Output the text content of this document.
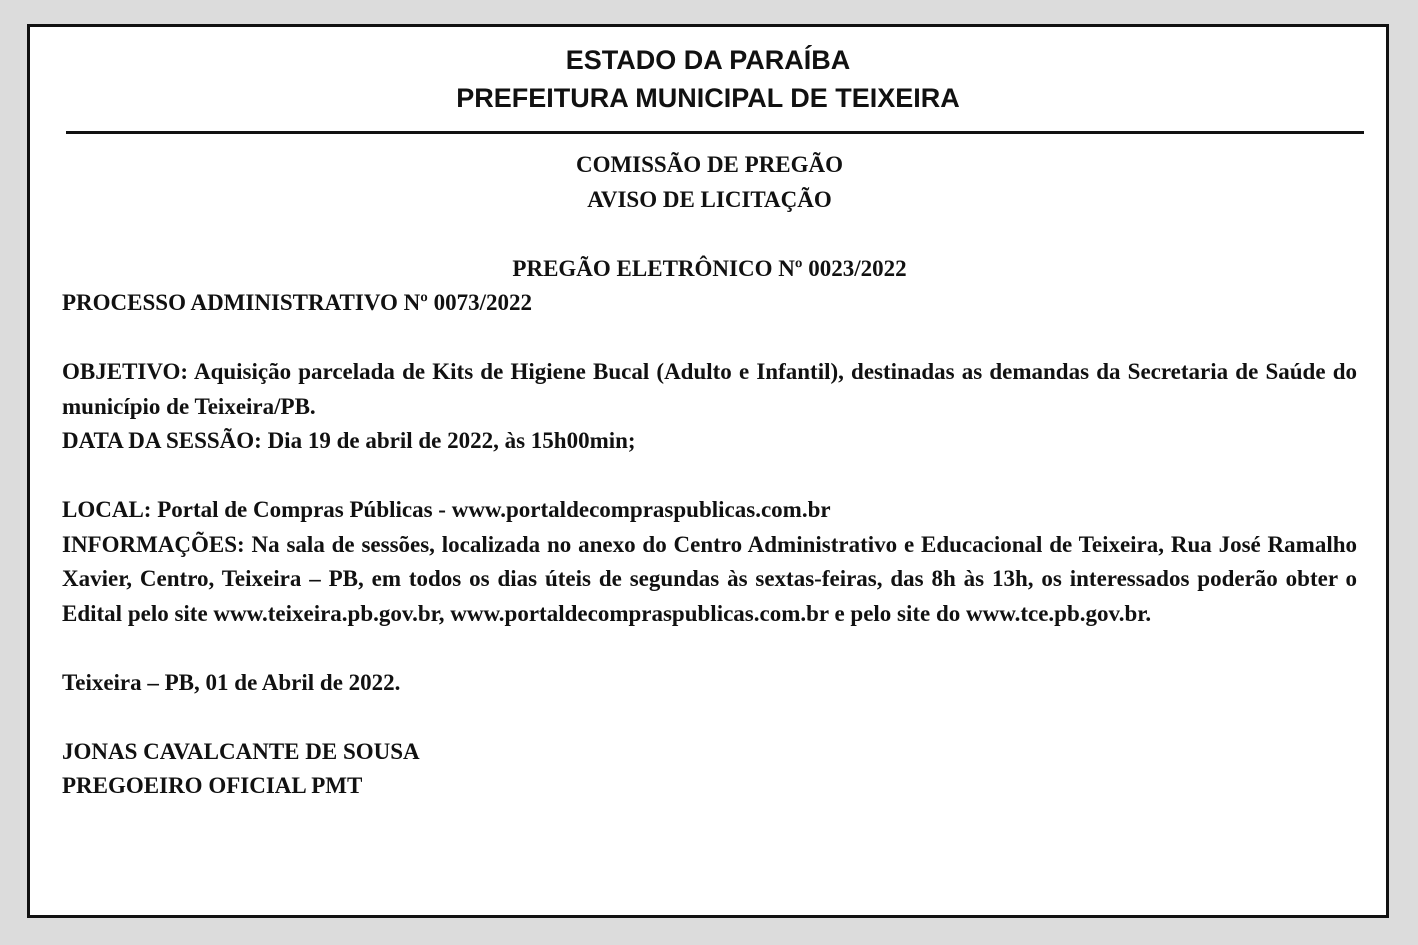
ESTADO DA PARAÍBA
PREFEITURA MUNICIPAL DE TEIXEIRA
COMISSÃO DE PREGÃO
AVISO DE LICITAÇÃO
PREGÃO ELETRÔNICO Nº 0023/2022
PROCESSO ADMINISTRATIVO Nº 0073/2022
OBJETIVO: Aquisição parcelada de Kits de Higiene Bucal (Adulto e Infantil), destinadas as demandas da Secretaria de Saúde do município de Teixeira/PB.
DATA DA SESSÃO: Dia 19 de abril de 2022, às 15h00min;
LOCAL: Portal de Compras Públicas - www.portaldecompraspublicas.com.br
INFORMAÇÕES: Na sala de sessões, localizada no anexo do Centro Administrativo e Educacional de Teixeira, Rua José Ramalho Xavier, Centro, Teixeira – PB, em todos os dias úteis de segundas às sextas-feiras, das 8h às 13h, os interessados poderão obter o Edital pelo site www.teixeira.pb.gov.br, www.portaldecompraspublicas.com.br e pelo site do www.tce.pb.gov.br.
Teixeira – PB, 01 de Abril de 2022.
JONAS CAVALCANTE DE SOUSA
PREGOEIRO OFICIAL PMT
